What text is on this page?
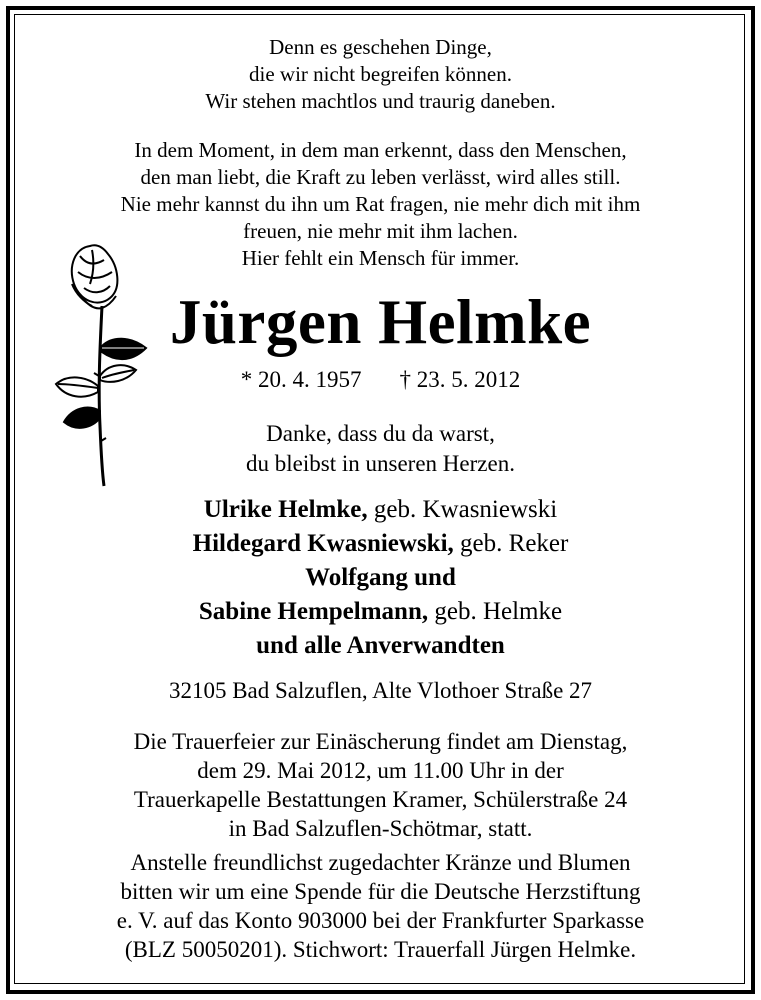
Denn es geschehen Dinge,
die wir nicht begreifen können.
Wir stehen machtlos und traurig daneben.
In dem Moment, in dem man erkennt, dass den Menschen,
den man liebt, die Kraft zu leben verlässt, wird alles still.
Nie mehr kannst du ihn um Rat fragen, nie mehr dich mit ihm
freuen, nie mehr mit ihm lachen.
Hier fehlt ein Mensch für immer.
Jürgen Helmke
* 20. 4. 1957 † 23. 5. 2012
Danke, dass du da warst,
du bleibst in unseren Herzen.
Ulrike Helmke, geb. Kwasniewski
Hildegard Kwasniewski, geb. Reker
Wolfgang und
Sabine Hempelmann, geb. Helmke
und alle Anverwandten
32105 Bad Salzuflen, Alte Vlothoer Straße 27
Die Trauerfeier zur Einäscherung findet am Dienstag,
dem 29. Mai 2012, um 11.00 Uhr in der
Trauerkapelle Bestattungen Kramer, Schülerstraße 24
in Bad Salzuflen-Schötmar, statt.
Anstelle freundlichst zugedachter Kränze und Blumen
bitten wir um eine Spende für die Deutsche Herzstiftung
e. V. auf das Konto 903000 bei der Frankfurter Sparkasse
(BLZ 50050201). Stichwort: Trauerfall Jürgen Helmke.
